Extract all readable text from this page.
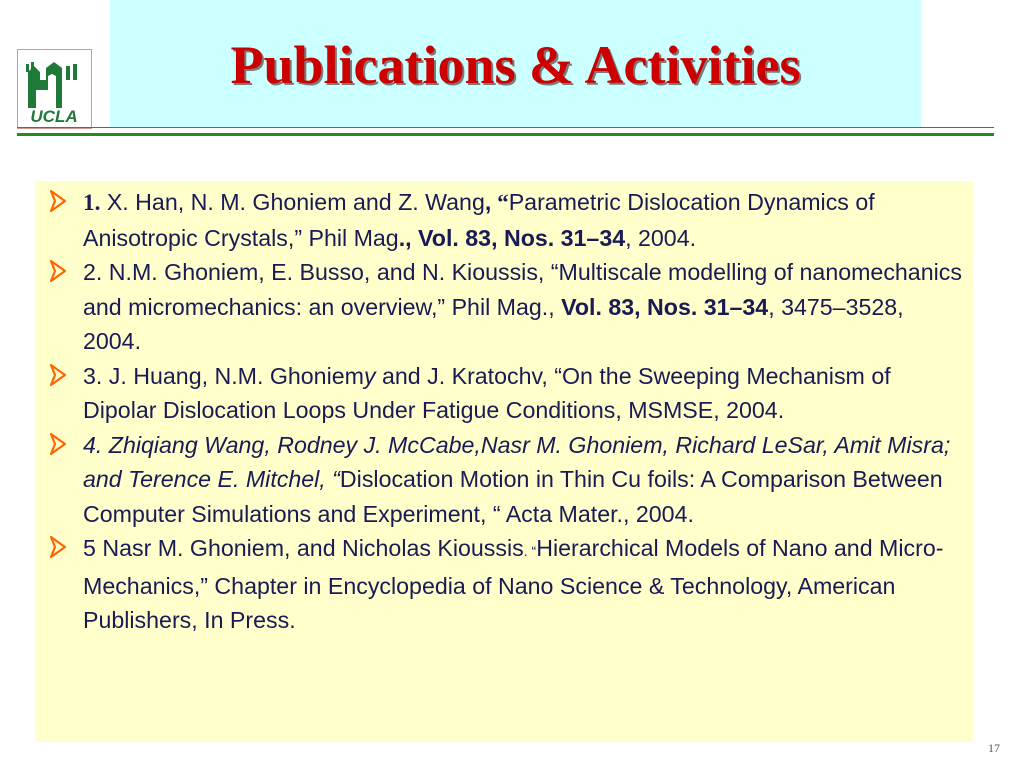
Publications & Activities
UCLA
1. X. Han, N. M. Ghoniem and Z. Wang, “Parametric Dislocation Dynamics of Anisotropic Crystals,” Phil Mag., Vol. 83, Nos. 31–34, 2004.
2. N.M. Ghoniem, E. Busso, and N. Kioussis, “Multiscale modelling of nanomechanics and micromechanics: an overview,” Phil Mag., Vol. 83, Nos. 31–34, 3475–3528, 2004.
3. J. Huang, N.M. Ghoniemy and J. Kratochv, “On the Sweeping Mechanism of Dipolar Dislocation Loops Under Fatigue Conditions, MSMSE, 2004.
4. Zhiqiang Wang, Rodney J. McCabe,Nasr M. Ghoniem, Richard LeSar, Amit Misra; and Terence E. Mitchel, “Dislocation Motion in Thin Cu foils: A Comparison Between Computer Simulations and Experiment, “ Acta Mater., 2004.
5 Nasr M. Ghoniem, and Nicholas Kioussis. “Hierarchical Models of Nano and Micro-Mechanics,” Chapter in Encyclopedia of Nano Science & Technology, American Publishers, In Press.
17
